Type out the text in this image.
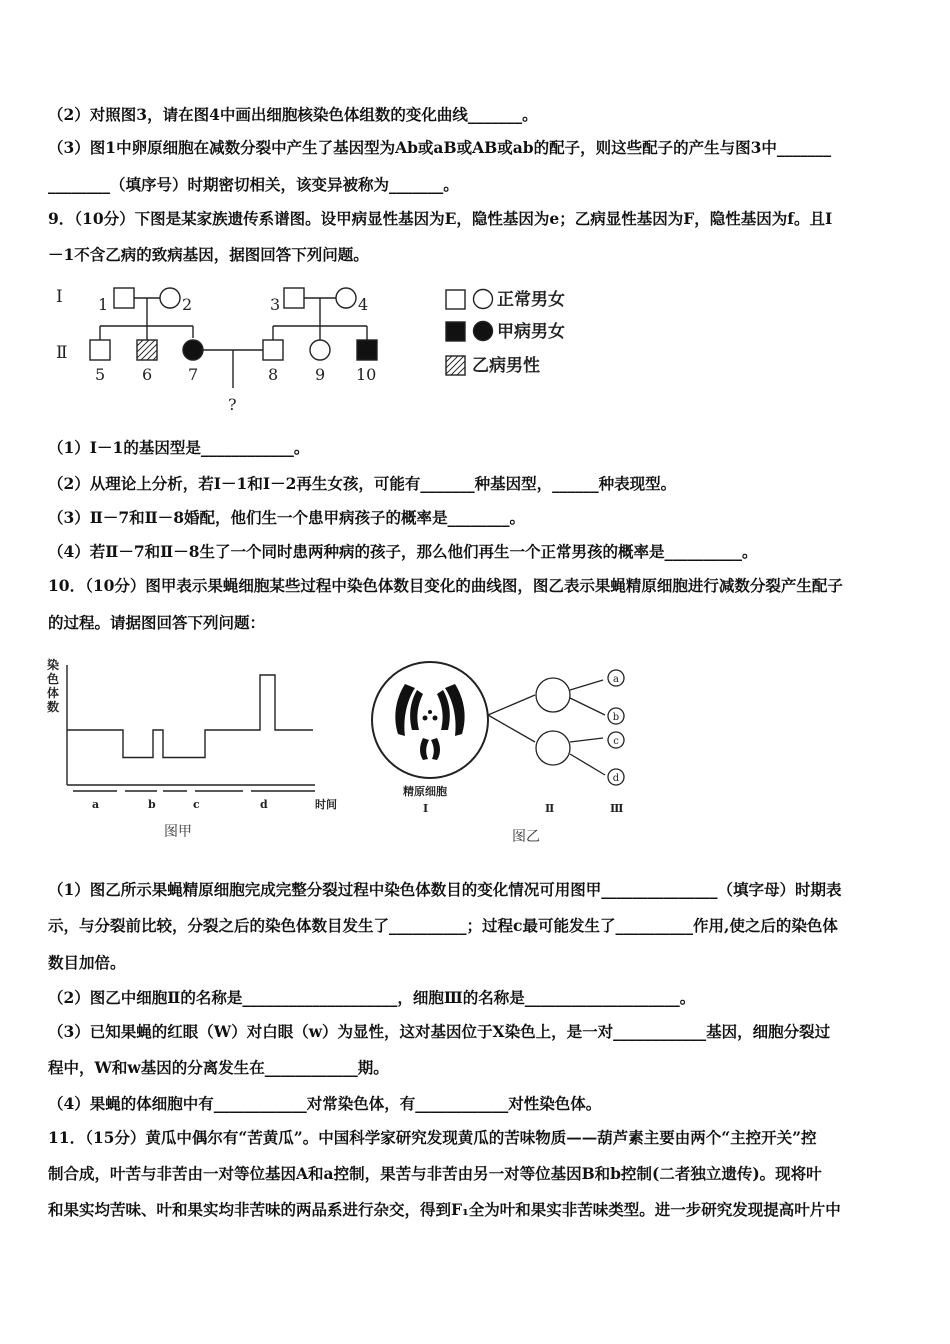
（2）对照图3，请在图4中画出细胞核染色体组数的变化曲线_______。
（3）图1中卵原细胞在减数分裂中产生了基因型为Ab或aB或AB或ab的配子，则这些配子的产生与图3中_______
________（填序号）时期密切相关，该变异被称为_______。
9．（10分）下图是某家族遗传系谱图。设甲病显性基因为E，隐性基因为e；乙病显性基因为F，隐性基因为f。且Ⅰ
－1不含乙病的致病基因，据图回答下列问题。
Ⅰ
Ⅱ
1	2	3	4
5 6 7	8 9 10
?
正常男女
甲病男女
乙病男性
（1）Ⅰ－1的基因型是____________。
（2）从理论上分析，若Ⅰ－1和Ⅰ－2再生女孩，可能有_______种基因型，______种表现型。
（3）Ⅱ－7和Ⅱ－8婚配，他们生一个患甲病孩子的概率是________。
（4）若Ⅱ－7和Ⅱ－8生了一个同时患两种病的孩子，那么他们再生一个正常男孩的概率是__________。
10．（10分）图甲表示果蝇细胞某些过程中染色体数目变化的曲线图，图乙表示果蝇精原细胞进行减数分裂产生配子
的过程。请据图回答下列问题：
染
色
体
数
a	b	c	d	时间
图甲
a
b
c
d
精原细胞
Ⅰ	Ⅱ	Ⅲ
图乙
（1）图乙所示果蝇精原细胞完成完整分裂过程中染色体数目的变化情况可用图甲_______________（填字母）时期表
示，与分裂前比较，分裂之后的染色体数目发生了__________；过程c最可能发生了__________作用,使之后的染色体
数目加倍。
（2）图乙中细胞Ⅱ的名称是____________________，细胞Ⅲ的名称是____________________。
（3）已知果蝇的红眼（W）对白眼（w）为显性，这对基因位于X染色上，是一对____________基因，细胞分裂过
程中，W和w基因的分离发生在____________期。
（4）果蝇的体细胞中有____________对常染色体，有____________对性染色体。
11．（15分）黄瓜中偶尔有“苦黄瓜”。中国科学家研究发现黄瓜的苦味物质——葫芦素主要由两个“主控开关”控
制合成，叶苦与非苦由一对等位基因A和a控制，果苦与非苦由另一对等位基因B和b控制(二者独立遗传)。现将叶
和果实均苦味、叶和果实均非苦味的两品系进行杂交，得到F₁全为叶和果实非苦味类型。进一步研究发现提高叶片中
